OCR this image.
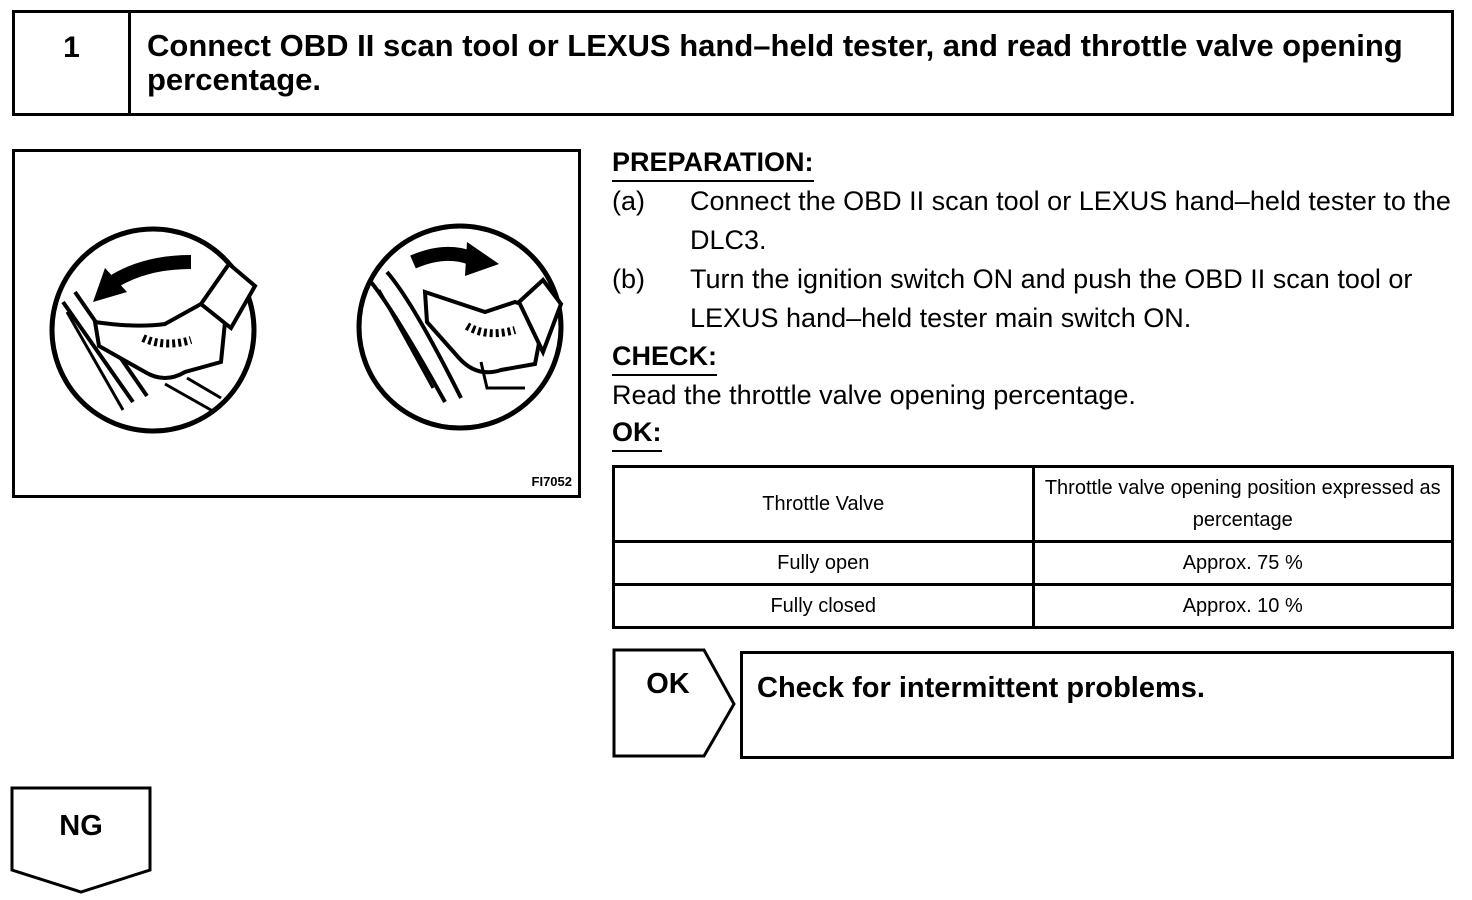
1	Connect OBD II scan tool or LEXUS hand–held tester, and read throttle valve opening percentage.
FI7052
PREPARATION:
(a) Connect the OBD II scan tool or LEXUS hand–held tester to the DLC3.
(b) Turn the ignition switch ON and push the OBD II scan tool or LEXUS hand–held tester main switch ON.
CHECK:
Read the throttle valve opening percentage.
OK:
Throttle Valve	Throttle valve opening position expressed as percentage
Fully open	Approx. 75 %
Fully closed	Approx. 10 %
OK	Check for intermittent problems.
NG
